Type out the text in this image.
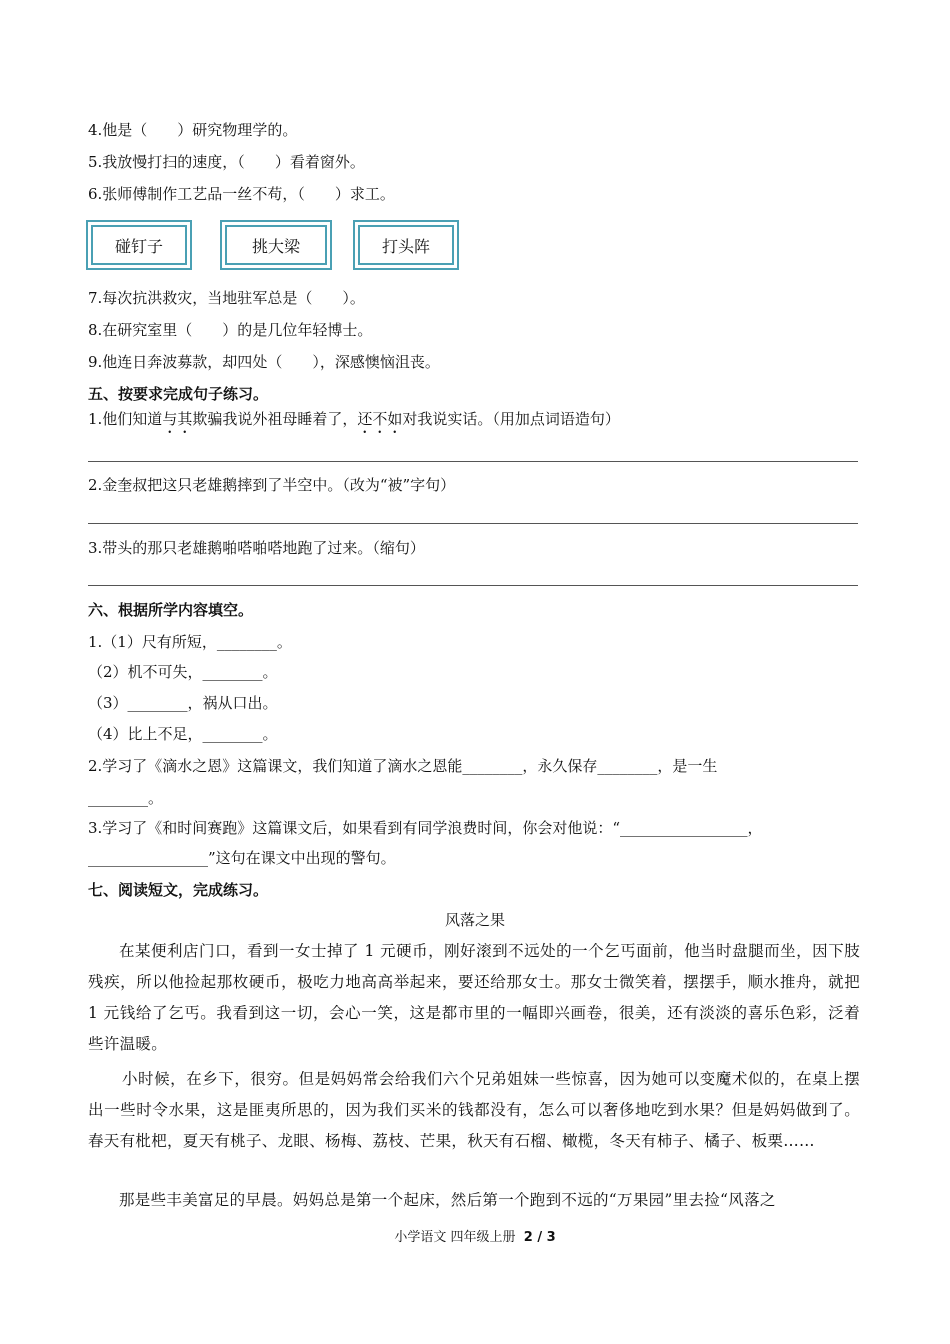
4.他是（　　）研究物理学的。
5.我放慢打扫的速度，（　　）看着窗外。
6.张师傅制作工艺品一丝不苟，（　　）求工。
碰钉子	挑大梁	打头阵
7.每次抗洪救灾，当地驻军总是（　　）。
8.在研究室里（　　）的是几位年轻博士。
9.他连日奔波募款，却四处（　　），深感懊恼沮丧。
五、按要求完成句子练习。
1.他们知道与其欺骗我说外祖母睡着了，还不如对我说实话。（用加点词语造句）
2.金奎叔把这只老雄鹅摔到了半空中。（改为“被”字句）
3.带头的那只老雄鹅啪嗒啪嗒地跑了过来。（缩句）
六、根据所学内容填空。
1.（1）尺有所短，________。
（2）机不可失，________。
（3）________，祸从口出。
（4）比上不足，________。
2.学习了《滴水之恩》这篇课文，我们知道了滴水之恩能________，永久保存________，是一生
________。
3.学习了《和时间赛跑》这篇课文后，如果看到有同学浪费时间，你会对他说：“_________________，
________________”这句在课文中出现的警句。
七、阅读短文，完成练习。
风落之果
在某便利店门口，看到一女士掉了 1 元硬币，刚好滚到不远处的一个乞丐面前，他当时盘腿而坐，因下肢残疾，所以他捡起那枚硬币，极吃力地高高举起来，要还给那女士。那女士微笑着，摆摆手，顺水推舟，就把 1 元钱给了乞丐。我看到这一切，会心一笑，这是都市里的一幅即兴画卷，很美，还有淡淡的喜乐色彩，泛着些许温暖。
小时候，在乡下，很穷。但是妈妈常会给我们六个兄弟姐妹一些惊喜，因为她可以变魔术似的，在桌上摆出一些时令水果，这是匪夷所思的，因为我们买米的钱都没有，怎么可以奢侈地吃到水果？但是妈妈做到了。春天有枇杷，夏天有桃子、龙眼、杨梅、荔枝、芒果，秋天有石榴、橄榄，冬天有柿子、橘子、板栗……
那是些丰美富足的早晨。妈妈总是第一个起床，然后第一个跑到不远的“万果园”里去捡“风落之
小学语文 四年级上册 2 / 3
